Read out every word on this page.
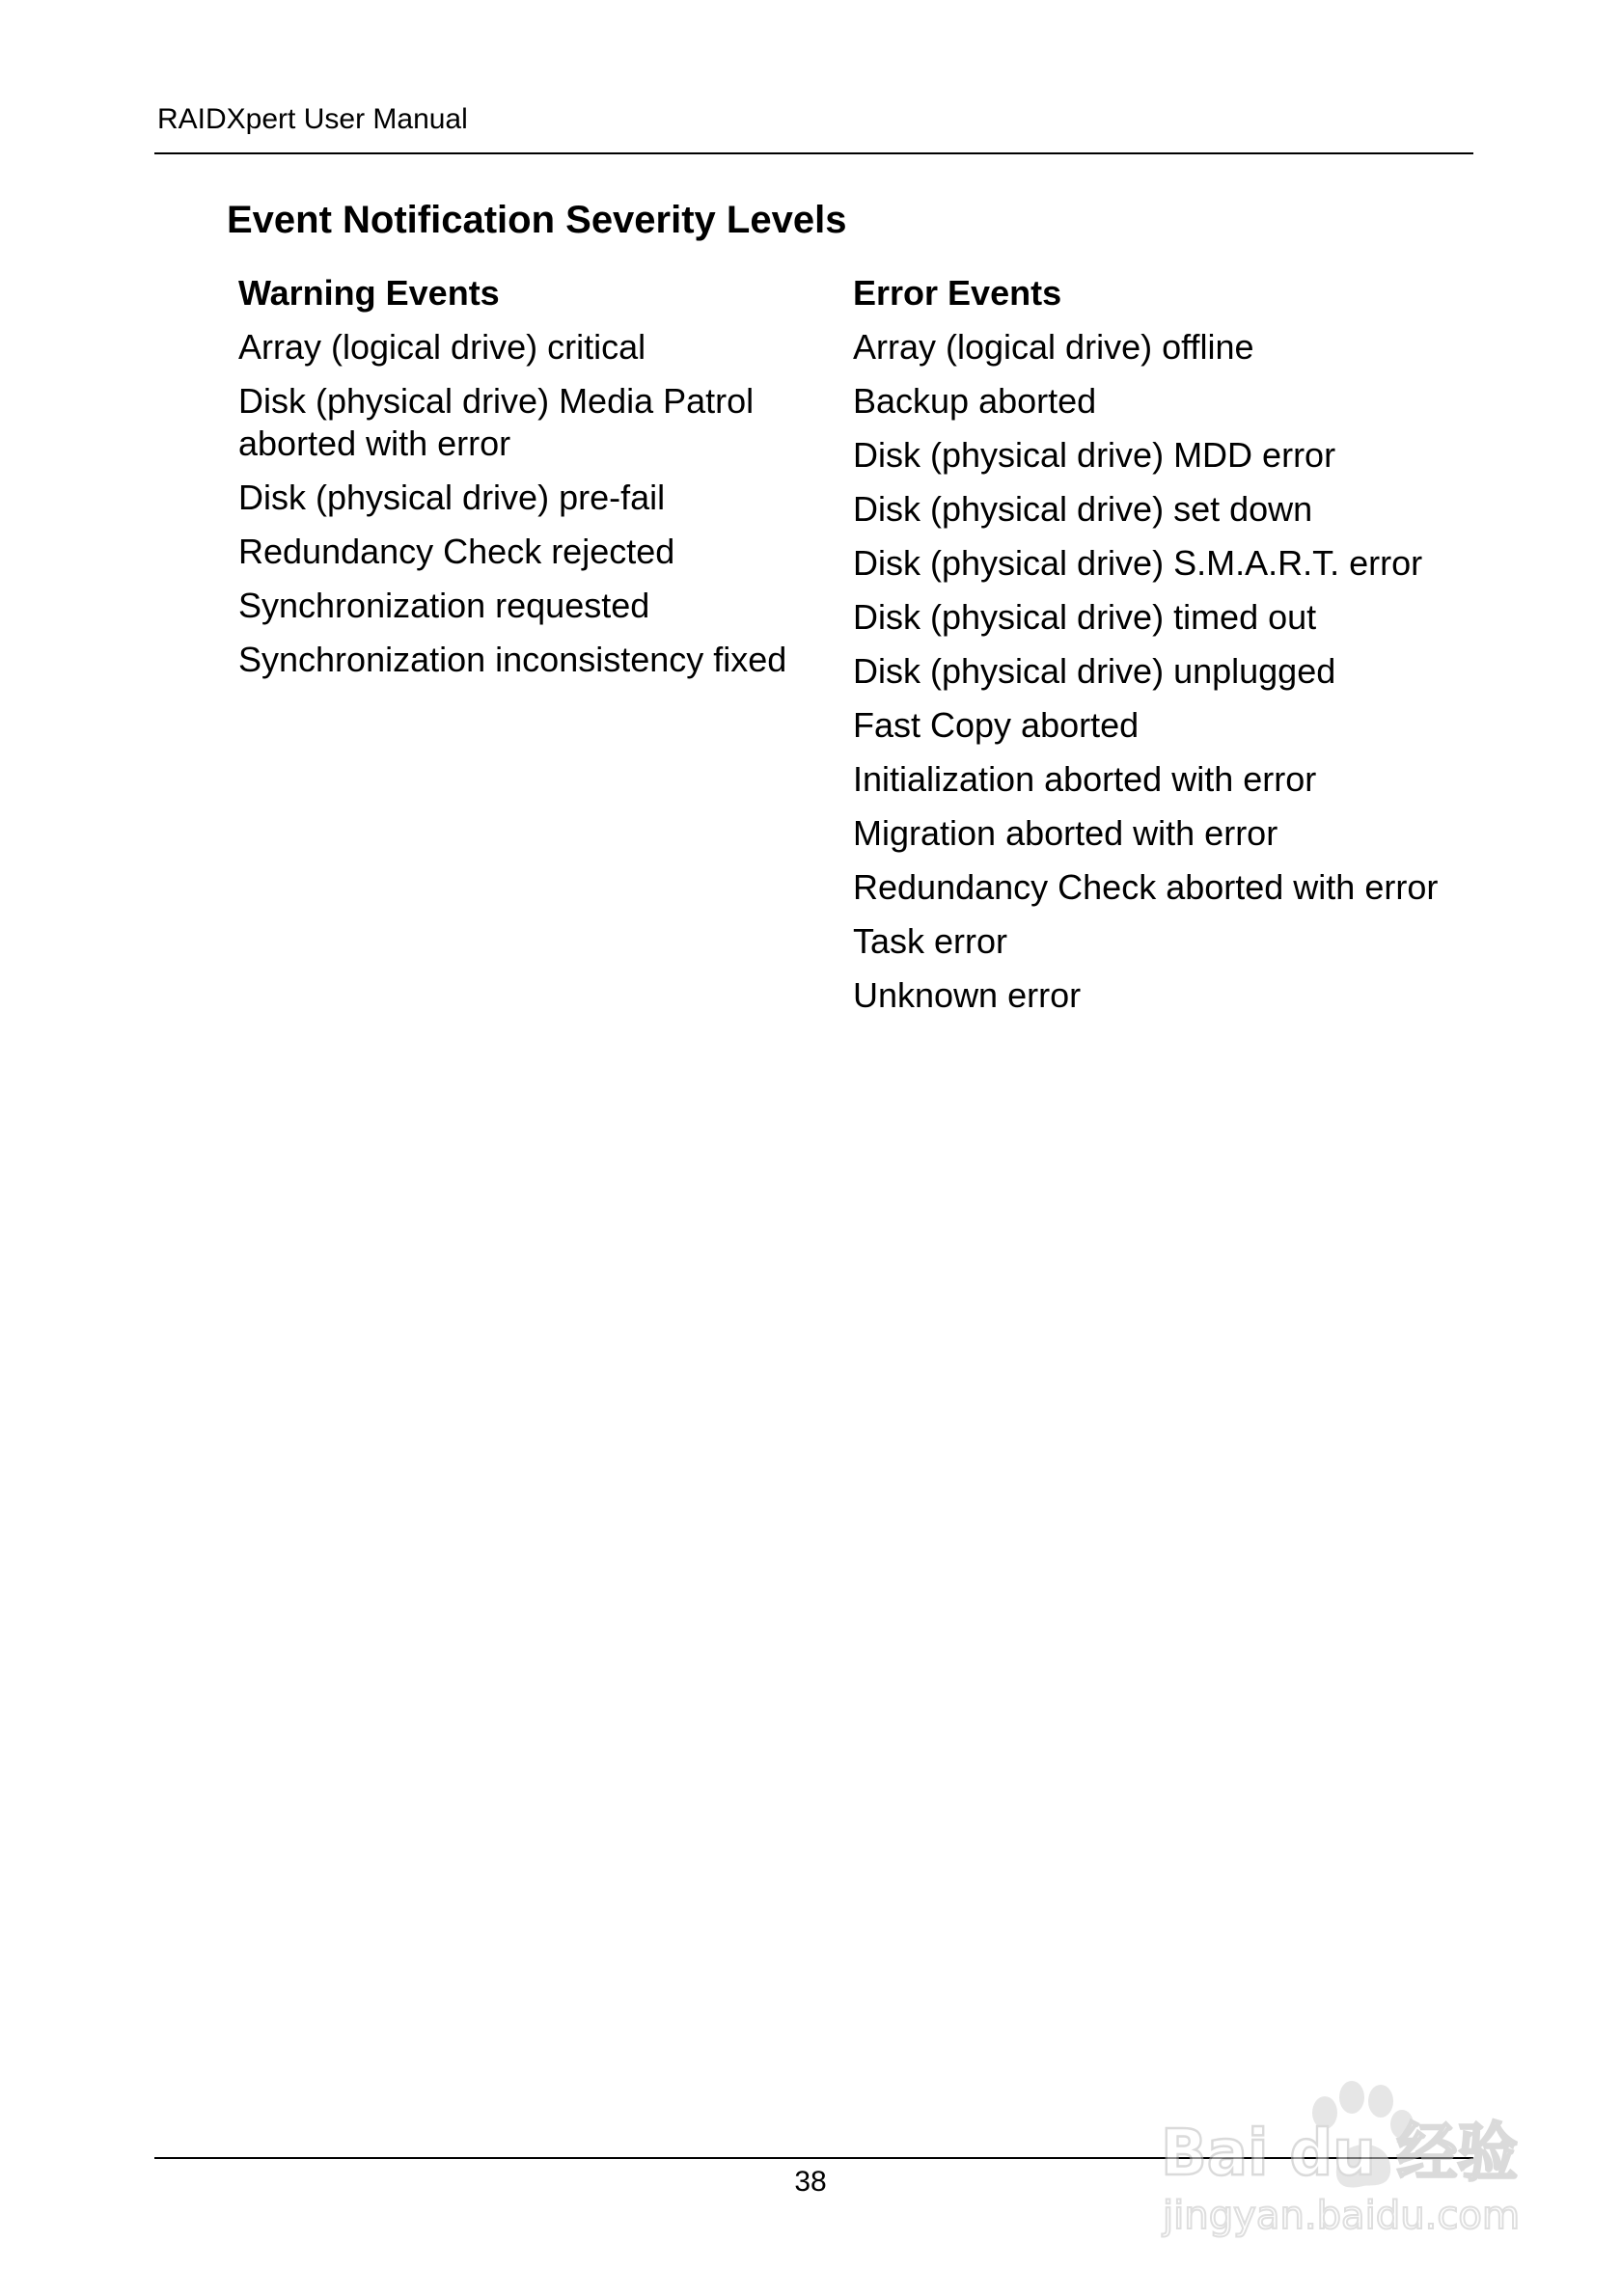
RAIDXpert User Manual
Event Notification Severity Levels
Warning Events
Array (logical drive) critical
Disk (physical drive) Media Patrol aborted with error
Disk (physical drive) pre-fail
Redundancy Check rejected
Synchronization requested
Synchronization inconsistency fixed
Error Events
Array (logical drive) offline
Backup aborted
Disk (physical drive) MDD error
Disk (physical drive) set down
Disk (physical drive) S.M.A.R.T. error
Disk (physical drive) timed out
Disk (physical drive) unplugged
Fast Copy aborted
Initialization aborted with error
Migration aborted with error
Redundancy Check aborted with error
Task error
Unknown error
38	Bai du 经验
jingyan.baidu.com
